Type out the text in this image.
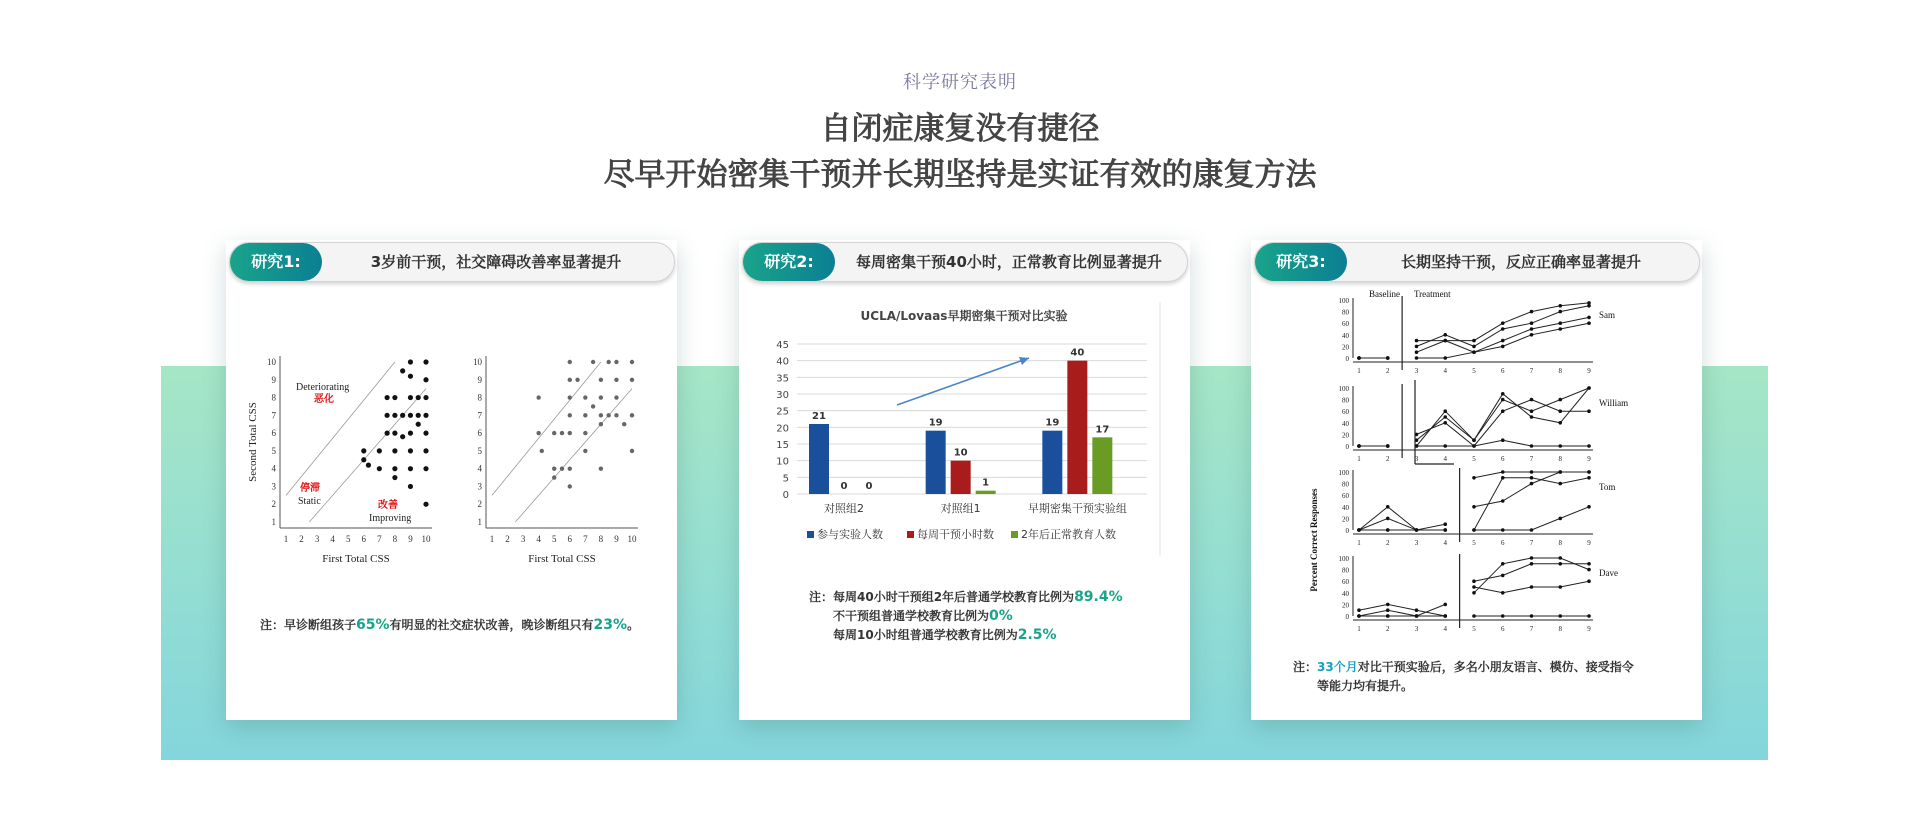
科学研究表明
自闭症康复没有捷径
尽早开始密集干预并长期坚持是实证有效的康复方法
研究1:	3岁前干预，社交障碍改善率显著提升
1
1
2
2
3
3
4
4
5
5
6
6
7
7
8
8
9
9
10
10
First Total CSS
1
1
2
2
3
3
4
4
5
5
6
6
7
7
8
8
9
9
10
10
First Total CSS
Second Total CSS
Deteriorating
恶化
停滞
Static	改善
Improving
注：早诊断组孩子65%有明显的社交症状改善，晚诊断组只有23%。
研究2:	每周密集干预40小时，正常教育比例显著提升
UCLA/Lovaas早期密集干预对比实验
0
5
10
15
20
25
30
35
40
45
21
0 0
对照组2
19
10
1
对照组1
19
40
17
早期密集干预实验组
参与实验人数	每周干预小时数 2年后正常教育人数
注：每周40小时干预组2年后普通学校教育比例为89.4%
不干预组普通学校教育比例为0%
每周10小时组普通学校教育比例为2.5%
研究3:	长期坚持干预，反应正确率显著提升
Baseline Treatment
Percent Correct Responses
0
20
40
60
80
100
1	2	3	4	5	6	7	8	9
Sam
0
20
40
60
80
100
1	2	3	4	5	6	7	8	9
William
0
20
40
60
80
100
1	2	3	4	5	6	7	8	9
Tom
0
20
40
60
80
100
1	2	3	4	5	6	7	8	9
Dave
注：33个月对比干预实验后，多名小朋友语言、模仿、接受指令
等能力均有提升。
